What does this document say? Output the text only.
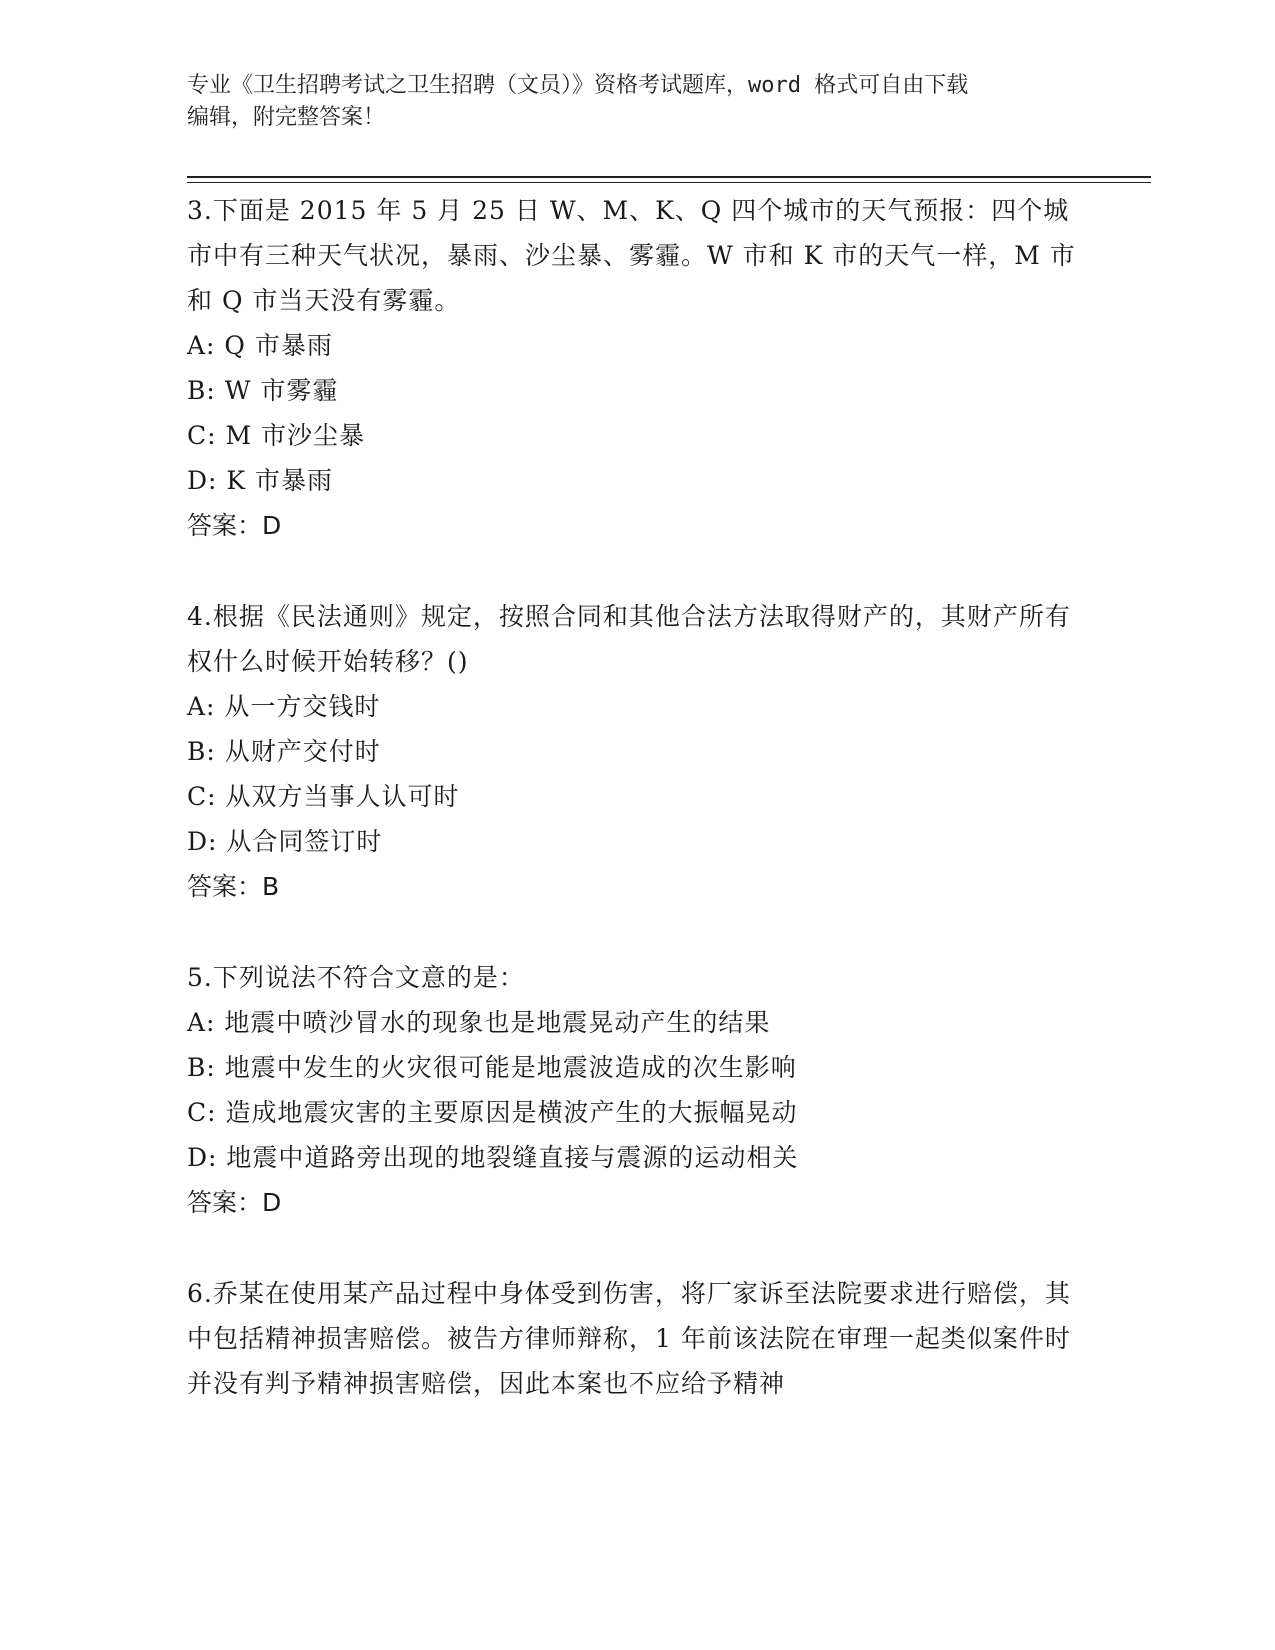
专业《卫生招聘考试之卫生招聘（文员）》资格考试题库，word 格式可自由下载
编辑，附完整答案！

3.下面是 2015 年 5 月 25 日 W、M、K、Q 四个城市的天气预报：四个城市中有三种天气状况，暴雨、沙尘暴、雾霾。W 市和 K 市的天气一样，M 市和 Q 市当天没有雾霾。

A: Q 市暴雨

B: W 市雾霾

C: M 市沙尘暴

D: K 市暴雨

答案：D

4.根据《民法通则》规定，按照合同和其他合法方法取得财产的，其财产所有权什么时候开始转移？()

A: 从一方交钱时

B: 从财产交付时

C: 从双方当事人认可时

D: 从合同签订时

答案：B

5.下列说法不符合文意的是：

A: 地震中喷沙冒水的现象也是地震晃动产生的结果

B: 地震中发生的火灾很可能是地震波造成的次生影响

C: 造成地震灾害的主要原因是横波产生的大振幅晃动

D: 地震中道路旁出现的地裂缝直接与震源的运动相关

答案：D

6.乔某在使用某产品过程中身体受到伤害，将厂家诉至法院要求进行赔偿，其中包括精神损害赔偿。被告方律师辩称，1 年前该法院在审理一起类似案件时并没有判予精神损害赔偿，因此本案也不应给予精神
